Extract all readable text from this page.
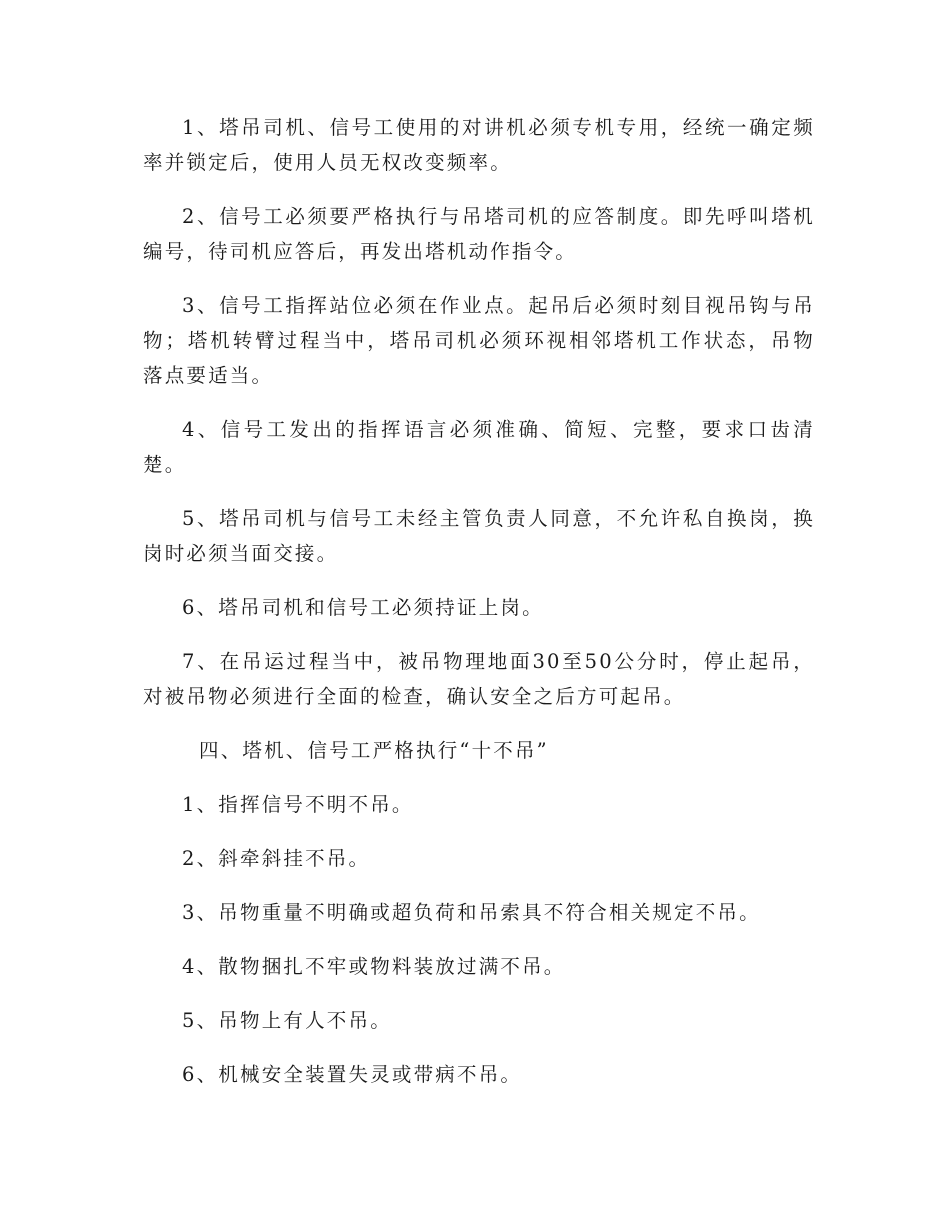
1、塔吊司机、信号工使用的对讲机必须专机专用，经统一确定频率并锁定后，使用人员无权改变频率。

2、信号工必须要严格执行与吊塔司机的应答制度。即先呼叫塔机编号，待司机应答后，再发出塔机动作指令。

3、信号工指挥站位必须在作业点。起吊后必须时刻目视吊钩与吊物；塔机转臂过程当中，塔吊司机必须环视相邻塔机工作状态，吊物落点要适当。

4、信号工发出的指挥语言必须准确、简短、完整，要求口齿清楚。

5、塔吊司机与信号工未经主管负责人同意，不允许私自换岗，换岗时必须当面交接。

6、塔吊司机和信号工必须持证上岗。

7、在吊运过程当中，被吊物理地面30至50公分时，停止起吊，对被吊物必须进行全面的检查，确认安全之后方可起吊。

四、塔机、信号工严格执行“十不吊”

1、指挥信号不明不吊。

2、斜牵斜挂不吊。

3、吊物重量不明确或超负荷和吊索具不符合相关规定不吊。

4、散物捆扎不牢或物料装放过满不吊。

5、吊物上有人不吊。

6、机械安全装置失灵或带病不吊。
